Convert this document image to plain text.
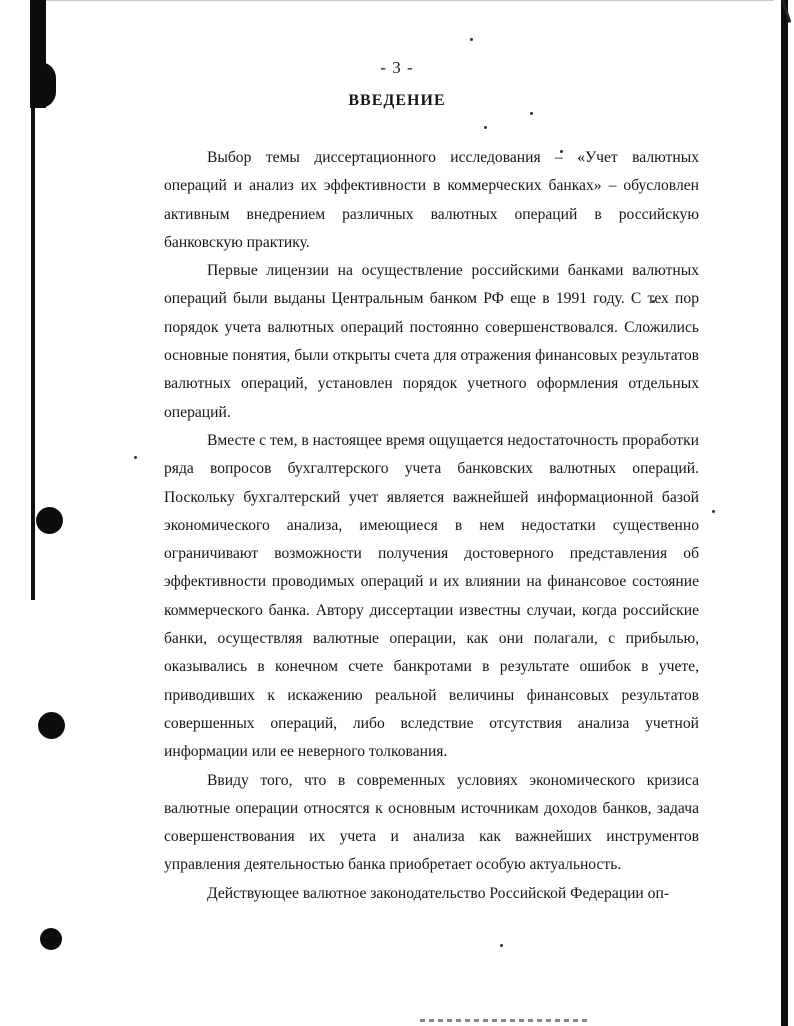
- 3 -
ВВЕДЕНИЕ

Выбор темы диссертационного исследования – «Учет валютных операций и анализ их эффективности в коммерческих банках» – обусловлен активным внедрением различных валютных операций в российскую банковскую практику.

Первые лицензии на осуществление российскими банками валютных операций были выданы Центральным банком РФ еще в 1991 году. С тех пор порядок учета валютных операций постоянно совершенствовался. Сложились основные понятия, были открыты счета для отражения финансовых результатов валютных операций, установлен порядок учетного оформления отдельных операций.

Вместе с тем, в настоящее время ощущается недостаточность проработки ряда вопросов бухгалтерского учета банковских валютных операций. Поскольку бухгалтерский учет является важнейшей информационной базой экономического анализа, имеющиеся в нем недостатки существенно ограничивают возможности получения достоверного представления об эффективности проводимых операций и их влиянии на финансовое состояние коммерческого банка. Автору диссертации известны случаи, когда российские банки, осуществляя валютные операции, как они полагали, с прибылью, оказывались в конечном счете банкротами в результате ошибок в учете, приводивших к искажению реальной величины финансовых результатов совершенных операций, либо вследствие отсутствия анализа учетной информации или ее неверного толкования.

Ввиду того, что в современных условиях экономического кризиса валютные операции относятся к основным источникам доходов банков, задача совершенствования их учета и анализа как важнейших инструментов управления деятельностью банка приобретает особую актуальность.

Действующее валютное законодательство Российской Федерации оп-
